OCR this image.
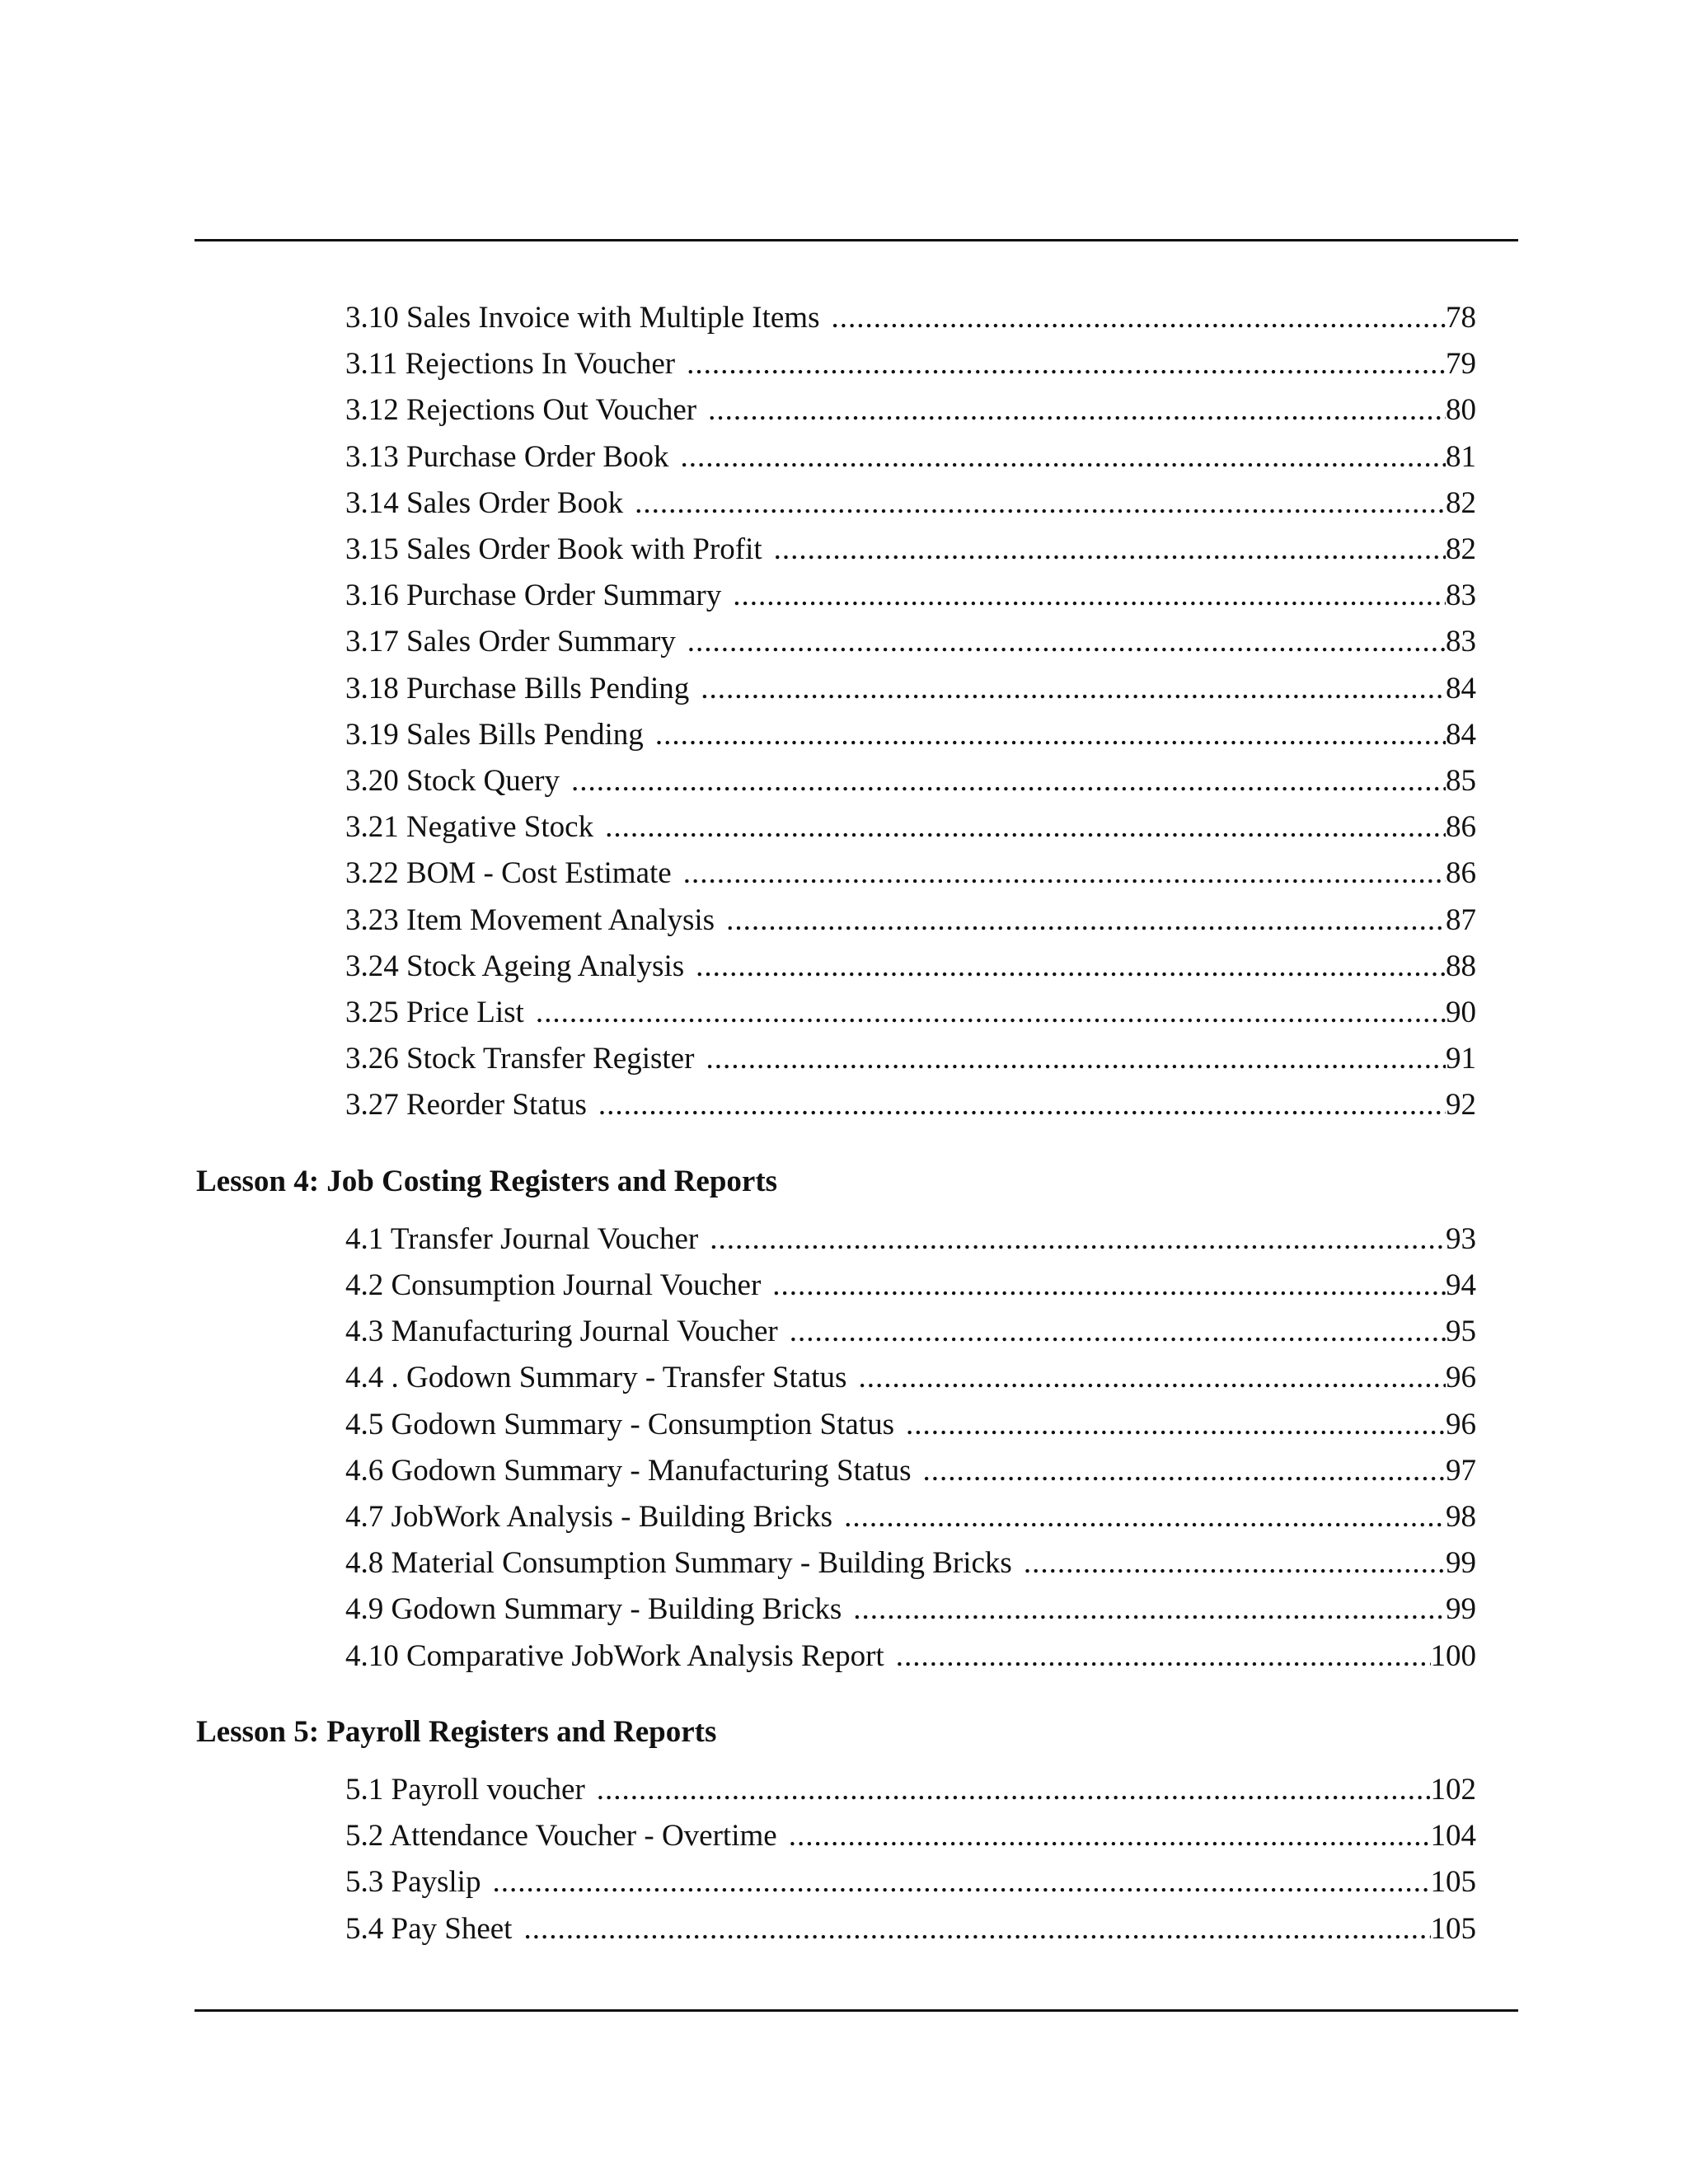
3.10 Sales Invoice with Multiple Items .....	78
3.11 Rejections In Voucher .....	79
3.12 Rejections Out Voucher .....	80
3.13 Purchase Order Book .....	81
3.14 Sales Order Book .....	82
3.15 Sales Order Book with Profit .....	82
3.16 Purchase Order Summary .....	83
3.17 Sales Order Summary .....	83
3.18 Purchase Bills Pending .....	84
3.19 Sales Bills Pending .....	84
3.20 Stock Query .....	85
3.21 Negative Stock .....	86
3.22 BOM - Cost Estimate .....	86
3.23 Item Movement Analysis .....	87
3.24 Stock Ageing Analysis .....	88
3.25 Price List .....	90
3.26 Stock Transfer Register .....	91
3.27 Reorder Status .....	92
Lesson 4: Job Costing Registers and Reports
4.1 Transfer Journal Voucher .....	93
4.2 Consumption Journal Voucher .....	94
4.3 Manufacturing Journal Voucher .....	95
4.4 . Godown Summary - Transfer Status .....	96
4.5 Godown Summary - Consumption Status .....	96
4.6 Godown Summary - Manufacturing Status .....	97
4.7 JobWork Analysis - Building Bricks .....	98
4.8 Material Consumption Summary - Building Bricks .....	99
4.9 Godown Summary - Building Bricks .....	99
4.10 Comparative JobWork Analysis Report .....	100
Lesson 5: Payroll Registers and Reports
5.1 Payroll voucher .....	102
5.2 Attendance Voucher - Overtime .....	104
5.3 Payslip .....	105
5.4 Pay Sheet .....	105
